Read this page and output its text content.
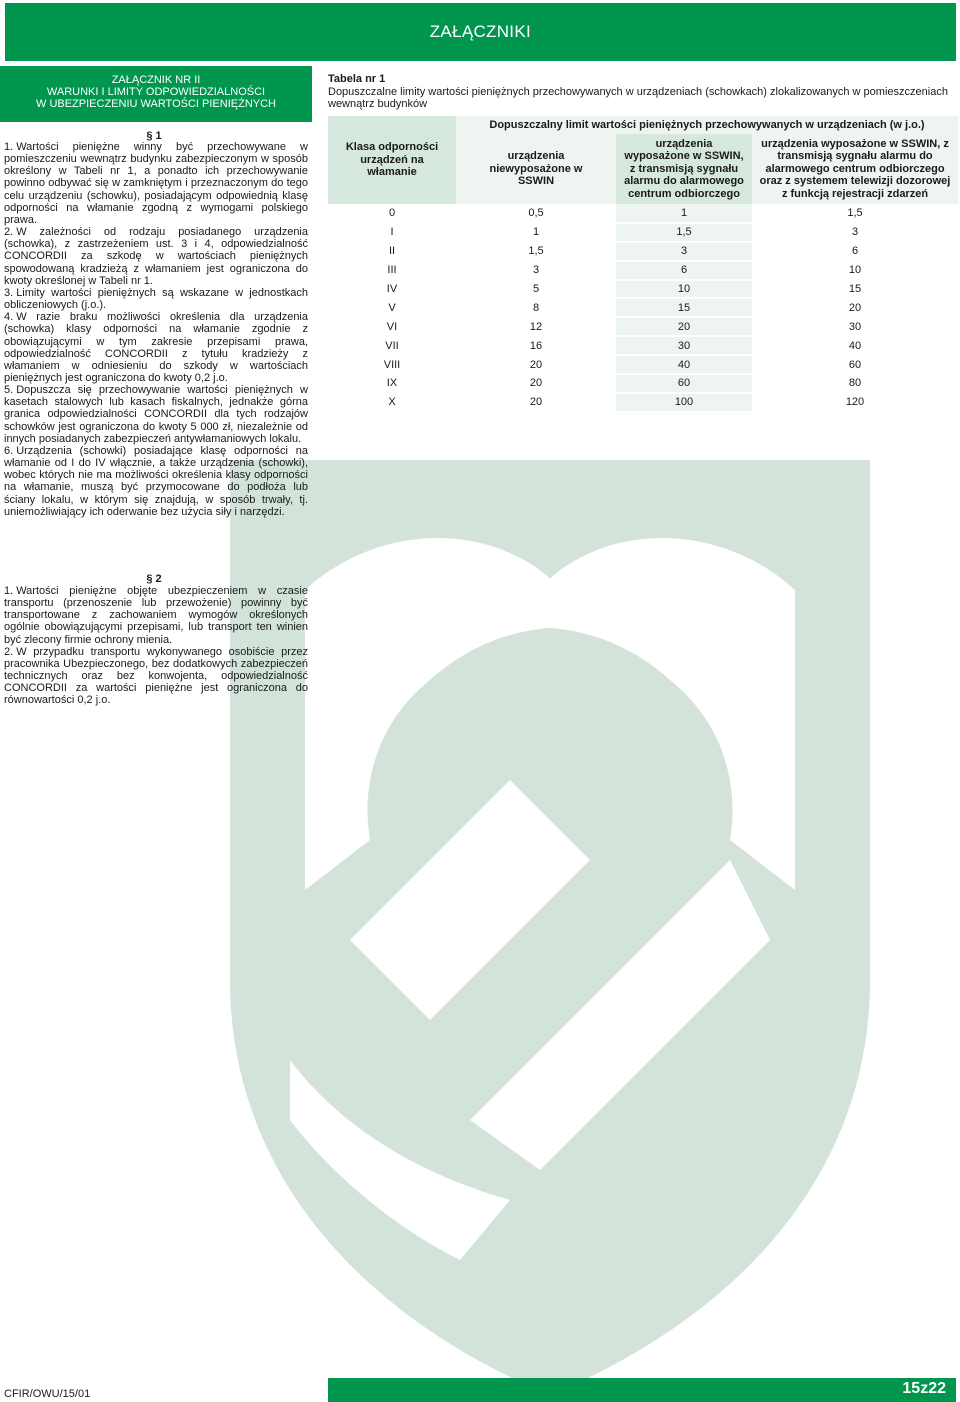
ZAŁĄCZNIKI
ZAŁĄCZNIK NR II
WARUNKI I LIMITY ODPOWIEDZIALNOŚCI
W UBEZPIECZENIU WARTOŚCI PIENIĘŻNYCH
§ 1

1. Wartości pieniężne winny być przechowywane w pomieszczeniu wewnątrz budynku zabezpieczonym w sposób określony w Tabeli nr 1, a ponadto ich przechowywanie powinno odbywać się w zamkniętym i przeznaczonym do tego celu urządzeniu (schowku), posiadającym odpowiednią klasę odporności na włamanie zgodną z wymogami polskiego prawa.

2. W zależności od rodzaju posiadanego urządzenia (schowka), z zastrzeżeniem ust. 3 i 4, odpowiedzialność CONCORDII za szkodę w wartościach pieniężnych spowodowaną kradzieżą z włamaniem jest ograniczona do kwoty określonej w Tabeli nr 1.

3. Limity wartości pieniężnych są wskazane w jednostkach obliczeniowych (j.o.).

4. W razie braku możliwości określenia dla urządzenia (schowka) klasy odporności na włamanie zgodnie z obowiązującymi w tym zakresie przepisami prawa, odpowiedzialność CONCORDII z tytułu kradzieży z włamaniem w odniesieniu do szkody w wartościach pieniężnych jest ograniczona do kwoty 0,2 j.o.

5. Dopuszcza się przechowywanie wartości pieniężnych w kasetach stalowych lub kasach fiskalnych, jednakże górna granica odpowiedzialności CONCORDII dla tych rodzajów schowków jest ograniczona do kwoty 5 000 zł, niezależnie od innych posiadanych zabezpieczeń antywłamaniowych lokalu.

6. Urządzenia (schowki) posiadające klasę odporności na włamanie od I do IV włącznie, a także urządzenia (schowki), wobec których nie ma możliwości określenia klasy odporności na włamanie, muszą być przymocowane do podłoża lub ściany lokalu, w którym się znajdują, w sposób trwały, tj. uniemożliwiający ich oderwanie bez użycia siły i narzędzi.

§ 2

1. Wartości pieniężne objęte ubezpieczeniem w czasie transportu (przenoszenie lub przewożenie) powinny być transportowane z zachowaniem wymogów określonych ogólnie obowiązującymi przepisami, lub transport ten winien być zlecony firmie ochrony mienia.

2. W przypadku transportu wykonywanego osobiście przez pracownika Ubezpieczonego, bez dodatkowych zabezpieczeń technicznych oraz bez konwojenta, odpowiedzialność CONCORDII za wartości pieniężne jest ograniczona do równowartości 0,2 j.o.

Tabela nr 1
Dopuszczalne limity wartości pieniężnych przechowywanych w urządzeniach (schowkach) zlokalizowanych w pomieszczeniach wewnątrz budynków
Klasa odporności urządzeń na włamanie	Dopuszczalny limit wartości pieniężnych przechowywanych w urządzeniach (w j.o.)		
	urządzenia niewyposażone w SSWIN	urządzenia wyposażone w SSWIN, z transmisją sygnału alarmu do alarmowego centrum odbiorczego	urządzenia wyposażone w SSWIN, z transmisją sygnału alarmu do alarmowego centrum odbiorczego oraz z systemem telewizji dozorowej z funkcją rejestracji zdarzeń
0	0,5	1	1,5
I	1	1,5	3
II	1,5	3	6
III	3	6	10
IV	5	10	15
V	8	15	20
VI	12	20	30
VII	16	30	40
VIII	20	40	60
IX	20	60	80
X	20	100	120
CFIR/OWU/15/01	15z22
